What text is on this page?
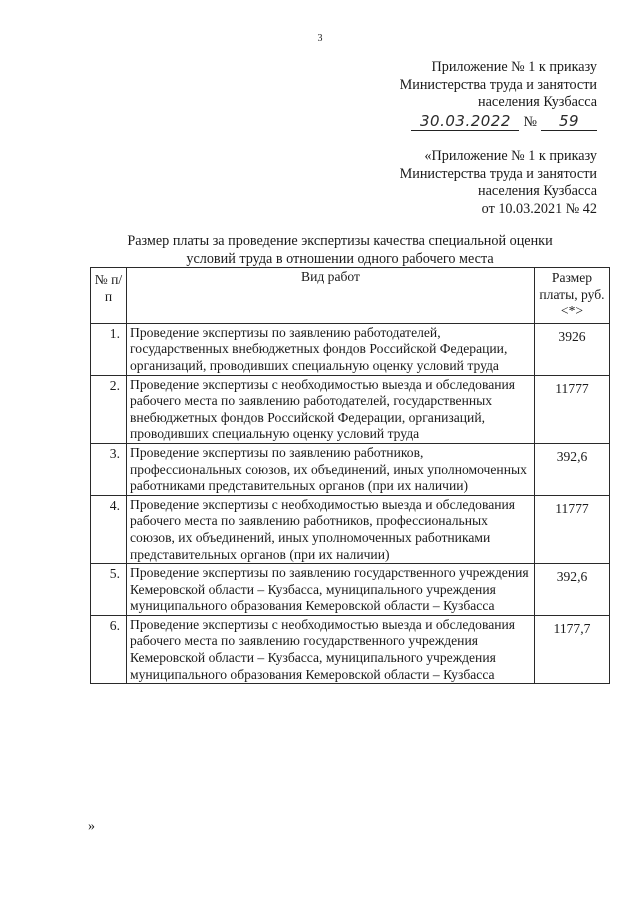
3
Приложение № 1 к приказу
Министерства труда и занятости
населения Кузбасса
30.03.2022 № 59
«Приложение № 1 к приказу
Министерства труда и занятости
населения Кузбасса
от 10.03.2021 № 42
Размер платы за проведение экспертизы качества специальной оценки
условий труда в отношении одного рабочего места
№ п/п	Вид работ	Размер платы, руб. <*>
1.	Проведение экспертизы по заявлению работодателей, государственных внебюджетных фондов Российской Федерации, организаций, проводивших специальную оценку условий труда	3926
2.	Проведение экспертизы с необходимостью выезда и обследования рабочего места по заявлению работодателей, государственных внебюджетных фондов Российской Федерации, организаций, проводивших специальную оценку условий труда	11777
3.	Проведение экспертизы по заявлению работников, профессиональных союзов, их объединений, иных уполномоченных работниками представительных органов (при их наличии)	392,6
4.	Проведение экспертизы с необходимостью выезда и обследования рабочего места по заявлению работников, профессиональных союзов, их объединений, иных уполномоченных работниками представительных органов (при их наличии)	11777
5.	Проведение экспертизы по заявлению государственного учреждения Кемеровской области – Кузбасса, муниципального учреждения муниципального образования Кемеровской области – Кузбасса	392,6
6.	Проведение экспертизы с необходимостью выезда и обследования рабочего места по заявлению государственного учреждения Кемеровской области – Кузбасса, муниципального учреждения муниципального образования Кемеровской области – Кузбасса	1177,7
»
